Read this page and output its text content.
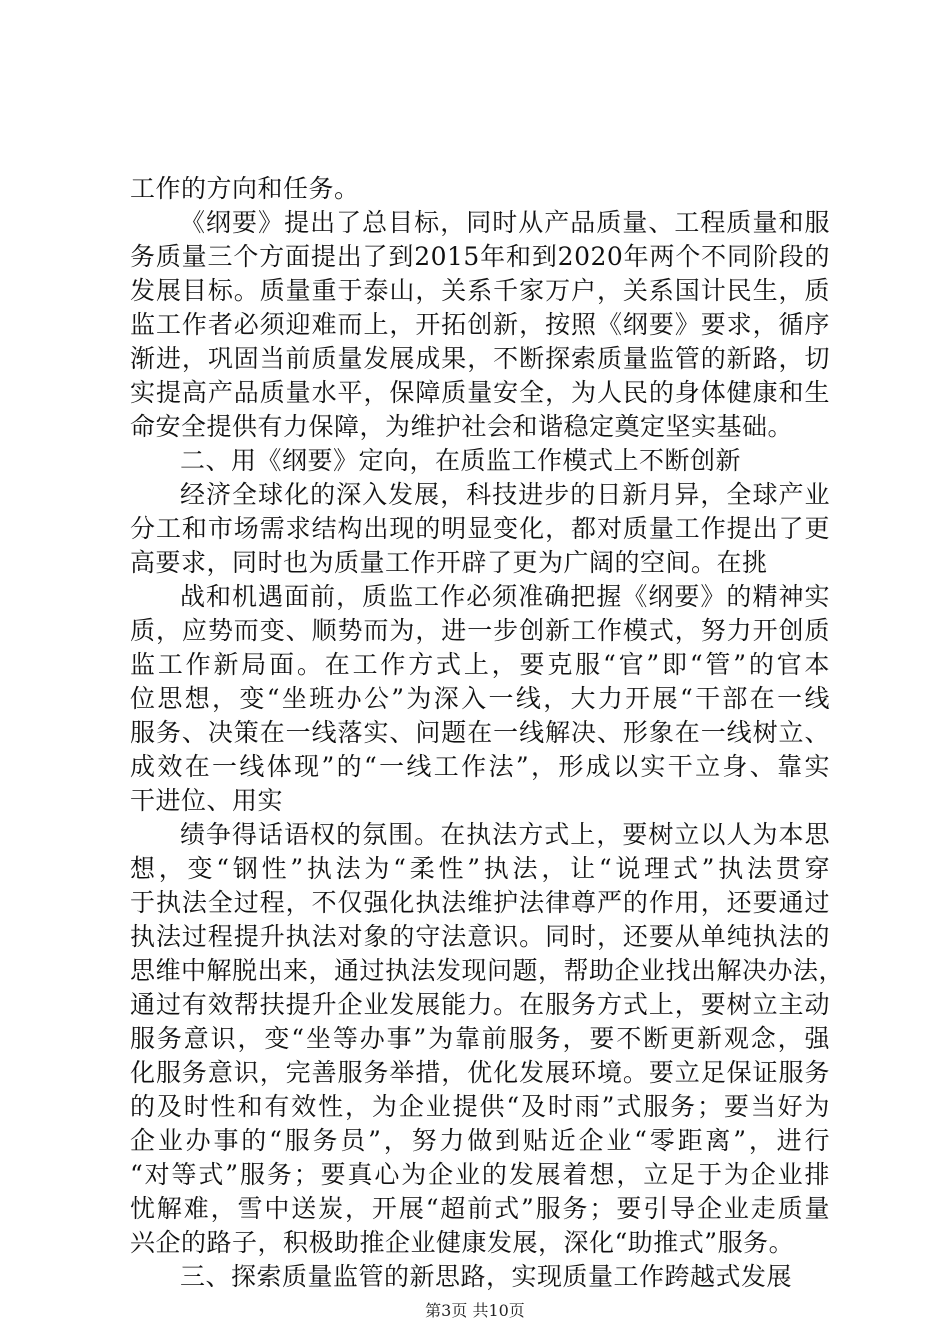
工作的方向和任务。
《纲要》提出了总目标，同时从产品质量、工程质量和服
务质量三个方面提出了到2015年和到2020年两个不同阶段的
发展目标。质量重于泰山，关系千家万户，关系国计民生，质
监工作者必须迎难而上，开拓创新，按照《纲要》要求，循序
渐进，巩固当前质量发展成果，不断探索质量监管的新路，切
实提高产品质量水平，保障质量安全，为人民的身体健康和生
命安全提供有力保障，为维护社会和谐稳定奠定坚实基础。
二、用《纲要》定向，在质监工作模式上不断创新
经济全球化的深入发展，科技进步的日新月异，全球产业
分工和市场需求结构出现的明显变化，都对质量工作提出了更
高要求，同时也为质量工作开辟了更为广阔的空间。在挑
战和机遇面前，质监工作必须准确把握《纲要》的精神实
质，应势而变、顺势而为，进一步创新工作模式，努力开创质
监工作新局面。在工作方式上，要克服“官”即“管”的官本
位思想，变“坐班办公”为深入一线，大力开展“干部在一线
服务、决策在一线落实、问题在一线解决、形象在一线树立、
成效在一线体现”的“一线工作法”，形成以实干立身、靠实
干进位、用实
绩争得话语权的氛围。在执法方式上，要树立以人为本思
想，变“钢性”执法为“柔性”执法，让“说理式”执法贯穿
于执法全过程，不仅强化执法维护法律尊严的作用，还要通过
执法过程提升执法对象的守法意识。同时，还要从单纯执法的
思维中解脱出来，通过执法发现问题，帮助企业找出解决办法，
通过有效帮扶提升企业发展能力。在服务方式上，要树立主动
服务意识，变“坐等办事”为靠前服务，要不断更新观念，强
化服务意识，完善服务举措，优化发展环境。要立足保证服务
的及时性和有效性，为企业提供“及时雨”式服务；要当好为
企业办事的“服务员”，努力做到贴近企业“零距离”，进行
“对等式”服务；要真心为企业的发展着想，立足于为企业排
忧解难，雪中送炭，开展“超前式”服务；要引导企业走质量
兴企的路子，积极助推企业健康发展，深化“助推式”服务。
三、探索质量监管的新思路，实现质量工作跨越式发展
第3页 共10页
